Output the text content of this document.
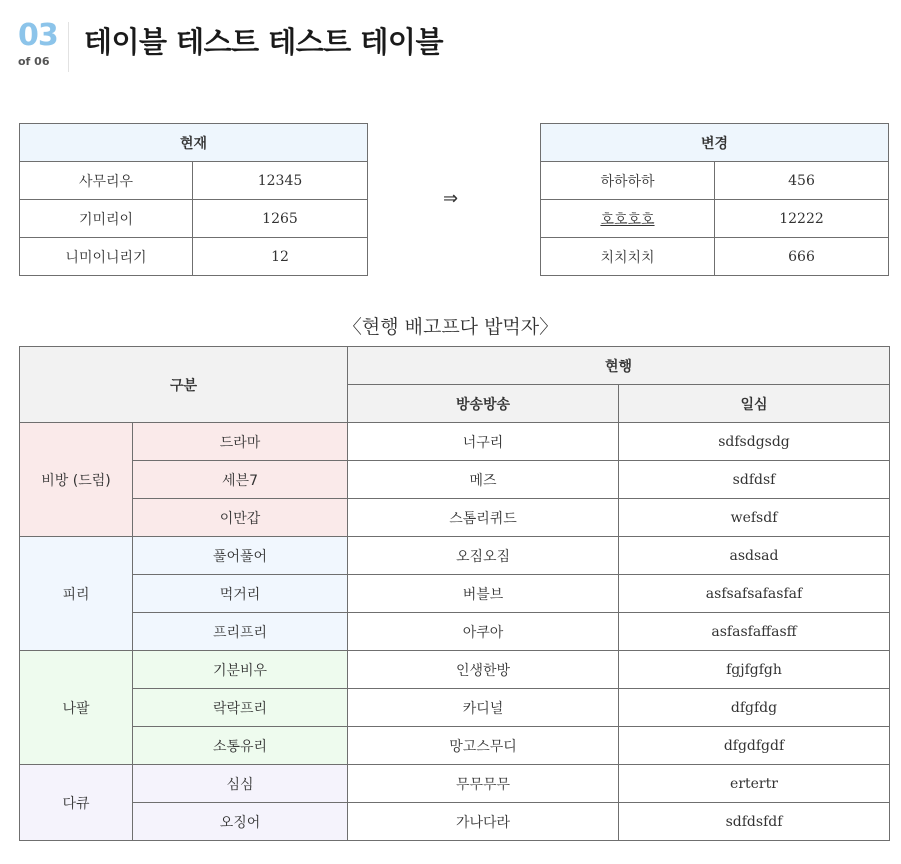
03
of 06
테이블 테스트 테스트 테이블
현재	
사무리우	12345
기미리이	1265
니미이니리기	12
⇒
변경	
하하하하	456
호호호호	12222
치치치치	666
〈현행 배고프다 밥먹자〉
구분		현행	
		방송방송	일심
비방 (드럼)	드라마	너구리	sdfsdgsdg
	세븐7	메즈	sdfdsf
	이만갑	스톰리퀴드	wefsdf
피리	풀어풀어	오짐오짐	asdsad
	먹거리	버블브	asfsafsafasfaf
	프리프리	아쿠아	asfasfaffasff
나팔	기분비우	인생한방	fgjfgfgh
	락락프리	카디널	dfgfdg
	소통유리	망고스무디	dfgdfgdf
다큐	심심	무무무무	ertertr
	오징어	가나다라	sdfdsfdf
